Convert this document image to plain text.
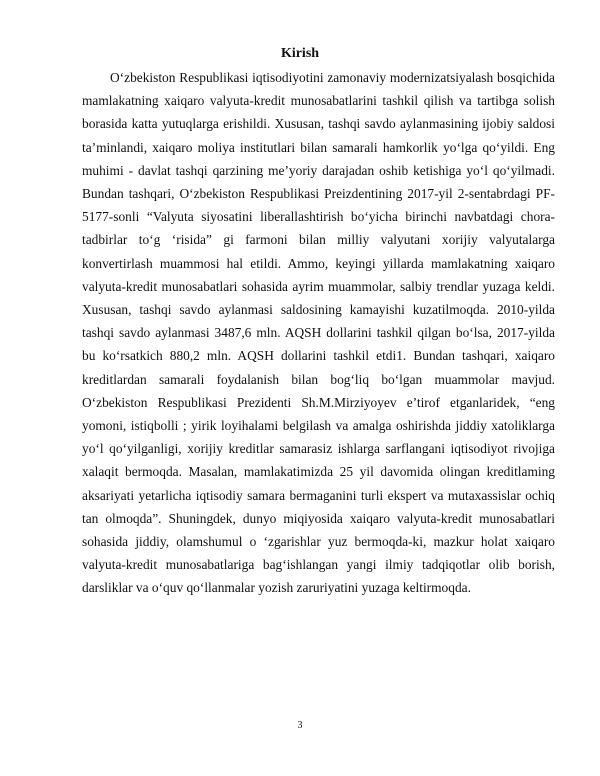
Kirish

O‘zbekiston Respublikasi iqtisodiyotini zamonaviy modernizatsiyalash bosqichida mamlakatning xaiqaro valyuta-kredit munosabatlarini tashkil qilish va tartibga solish borasida katta yutuqlarga erishildi. Xususan, tashqi savdo aylanmasining ijobiy saldosi ta’minlandi, xaiqaro moliya institutlari bilan samarali hamkorlik yo‘lga qo‘yildi. Eng muhimi - davlat tashqi qarzining me’yoriy darajadan oshib ketishiga yo‘l qo‘yilmadi. Bundan tashqari, O‘zbekiston Respublikasi Preizdentining 2017-yil 2-sentabrdagi PF-5177-sonli “Valyuta siyosatini liberallashtirish bo‘yicha birinchi navbatdagi chora-tadbirlar to‘g ‘risida” gi farmoni bilan milliy valyutani xorijiy valyutalarga konvertirlash muammosi hal etildi. Ammo, keyingi yillarda mamlakatning xaiqaro valyuta-kredit munosabatlari sohasida ayrim muammolar, salbiy trendlar yuzaga keldi. Xususan, tashqi savdo aylanmasi saldosining kamayishi kuzatilmoqda. 2010-yilda tashqi savdo aylanmasi 3487,6 mln. AQSH dollarini tashkil qilgan bo‘lsa, 2017-yilda bu ko‘rsatkich 880,2 mln. AQSH dollarini tashkil etdi1. Bundan tashqari, xaiqaro kreditlardan samarali foydalanish bilan bog‘liq bo‘lgan muammolar mavjud. O‘zbekiston Respublikasi Prezidenti Sh.M.Mirziyoyev e’tirof etganlaridek, “eng yomoni, istiqbolli ; yirik loyihalami belgilash va amalga oshirishda jiddiy xatoliklarga yo‘l qo‘yilganligi, xorijiy kreditlar samarasiz ishlarga sarflangani iqtisodiyot rivojiga xalaqit bermoqda. Masalan, mamlakatimizda 25 yil davomida olingan kreditlaming aksariyati yetarlicha iqtisodiy samara bermaganini turli ekspert va mutaxassislar ochiq tan olmoqda”. Shuningdek, dunyo miqiyosida xaiqaro valyuta-kredit munosabatlari sohasida jiddiy, olamshumul o ‘zgarishlar yuz bermoqda-ki, mazkur holat xaiqaro valyuta-kredit munosabatlariga bag‘ishlangan yangi ilmiy tadqiqotlar olib borish, darsliklar va o‘quv qo‘llanmalar yozish zaruriyatini yuzaga keltirmoqda.

3
